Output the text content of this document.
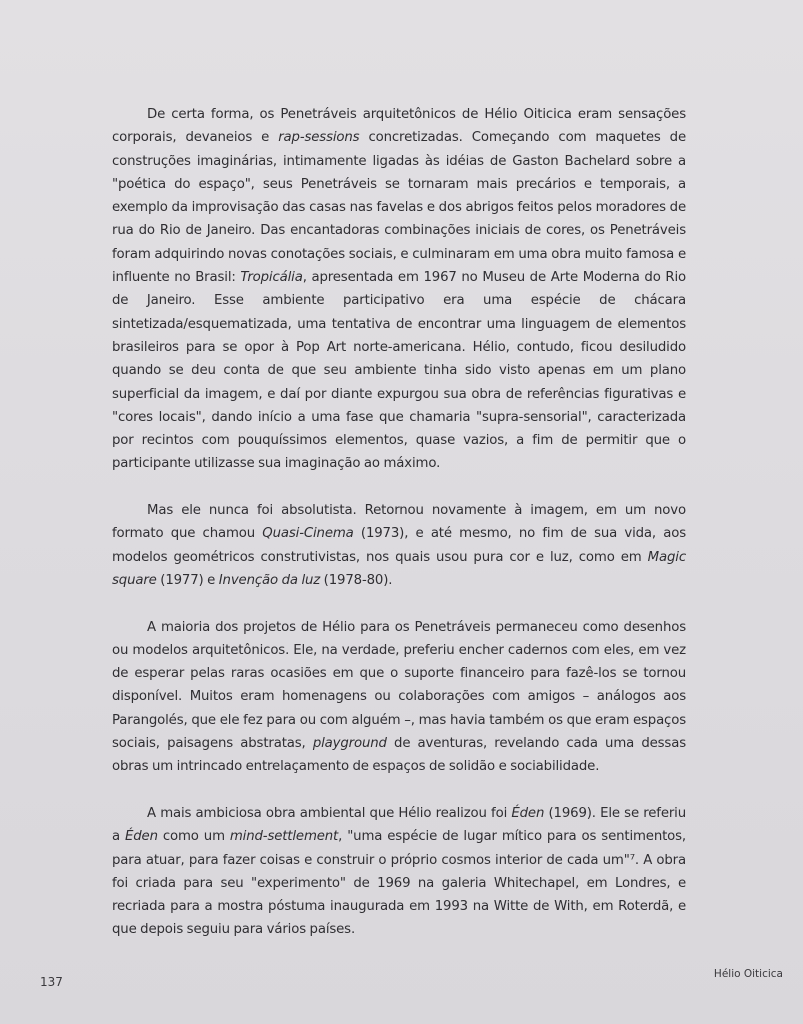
De certa forma, os Penetráveis arquitetônicos de Hélio Oiticica eram sensações corporais, devaneios e rap-sessions concretizadas. Começando com maquetes de construções imaginárias, intimamente ligadas às idéias de Gaston Bachelard sobre a "poética do espaço", seus Penetráveis se tornaram mais precários e temporais, a exemplo da improvisação das casas nas favelas e dos abrigos feitos pelos moradores de rua do Rio de Janeiro. Das encantadoras combinações iniciais de cores, os Penetráveis foram adquirindo novas conotações sociais, e culminaram em uma obra muito famosa e influente no Brasil: Tropicália, apresentada em 1967 no Museu de Arte Moderna do Rio de Janeiro. Esse ambiente participativo era uma espécie de chácara sintetizada/esquematizada, uma tentativa de encontrar uma linguagem de elementos brasileiros para se opor à Pop Art norte-americana. Hélio, contudo, ficou desiludido quando se deu conta de que seu ambiente tinha sido visto apenas em um plano superficial da imagem, e daí por diante expurgou sua obra de referências figurativas e "cores locais", dando início a uma fase que chamaria "supra-sensorial", caracterizada por recintos com pouquíssimos elementos, quase vazios, a fim de permitir que o participante utilizasse sua imaginação ao máximo.

Mas ele nunca foi absolutista. Retornou novamente à imagem, em um novo formato que chamou Quasi-Cinema (1973), e até mesmo, no fim de sua vida, aos modelos geométricos construtivistas, nos quais usou pura cor e luz, como em Magic square (1977) e Invenção da luz (1978-80).

A maioria dos projetos de Hélio para os Penetráveis permaneceu como desenhos ou modelos arquitetônicos. Ele, na verdade, preferiu encher cadernos com eles, em vez de esperar pelas raras ocasiões em que o suporte financeiro para fazê-los se tornou disponível. Muitos eram homenagens ou colaborações com amigos – análogos aos Parangolés, que ele fez para ou com alguém –, mas havia também os que eram espaços sociais, paisagens abstratas, playground de aventuras, revelando cada uma dessas obras um intrincado entrelaçamento de espaços de solidão e sociabilidade.

A mais ambiciosa obra ambiental que Hélio realizou foi Éden (1969). Ele se referiu a Éden como um mind-settlement, "uma espécie de lugar mítico para os sentimentos, para atuar, para fazer coisas e construir o próprio cosmos interior de cada um"⁷. A obra foi criada para seu "experimento" de 1969 na galeria Whitechapel, em Londres, e recriada para a mostra póstuma inaugurada em 1993 na Witte de With, em Roterdã, e que depois seguiu para vários países.

137
Hélio Oiticica
